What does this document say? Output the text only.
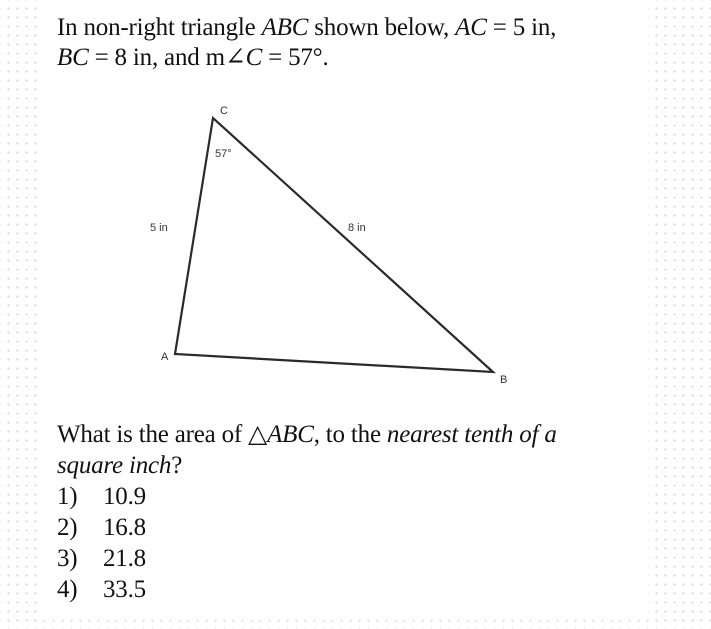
In non-right triangle ABC shown below, AC = 5 in,
BC = 8 in, and m∠C = 57°.
C
57°
5 in	8 in
A
B
What is the area of △ABC, to the nearest tenth of a
square inch?
1) 10.9
2) 16.8
3) 21.8
4) 33.5
